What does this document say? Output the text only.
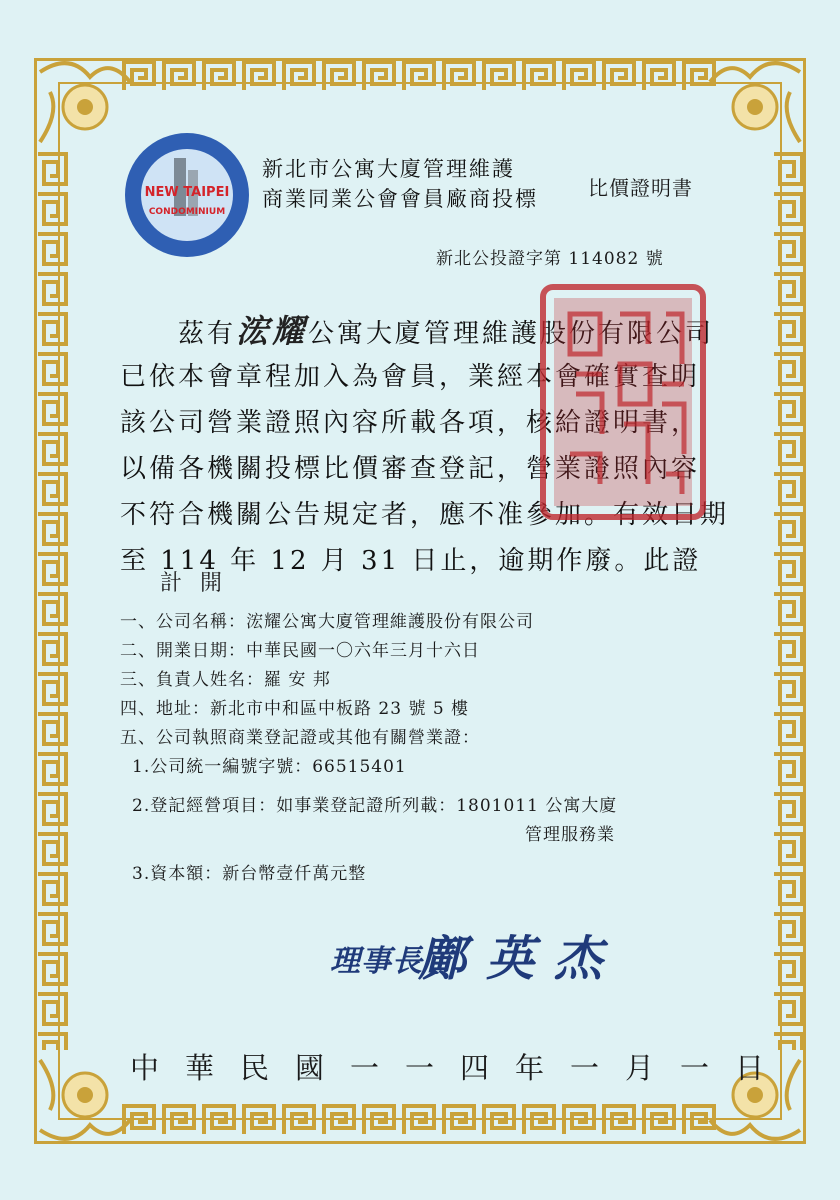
NEW TAIPEI
CONDOMINIUM
新北市公寓大廈管理維護
商業同業公會會員廠商投標	比價證明書
新北公投證字第 114082 號
茲有浤耀公寓大廈管理維護股份有限公司
已依本會章程加入為會員，業經本會確實查明
該公司營業證照內容所載各項，核給證明書，
以備各機關投標比價審查登記，營業證照內容
不符合機關公告規定者，應不准參加。有效日期
至 114 年 12 月 31 日止，逾期作廢。此證
計開
一、公司名稱：浤耀公寓大廈管理維護股份有限公司
二、開業日期：中華民國一〇六年三月十六日
三、負責人姓名：羅 安 邦
四、地址：新北市中和區中板路 23 號 5 樓
五、公司執照商業登記證或其他有關營業證：
1.公司統一編號字號：66515401
2.登記經營項目：如事業登記證所列載：1801011 公寓大廈
管理服務業
3.資本額：新台幣壹仟萬元整
理事長
鄺英杰
中華民國一一四年一月一日
